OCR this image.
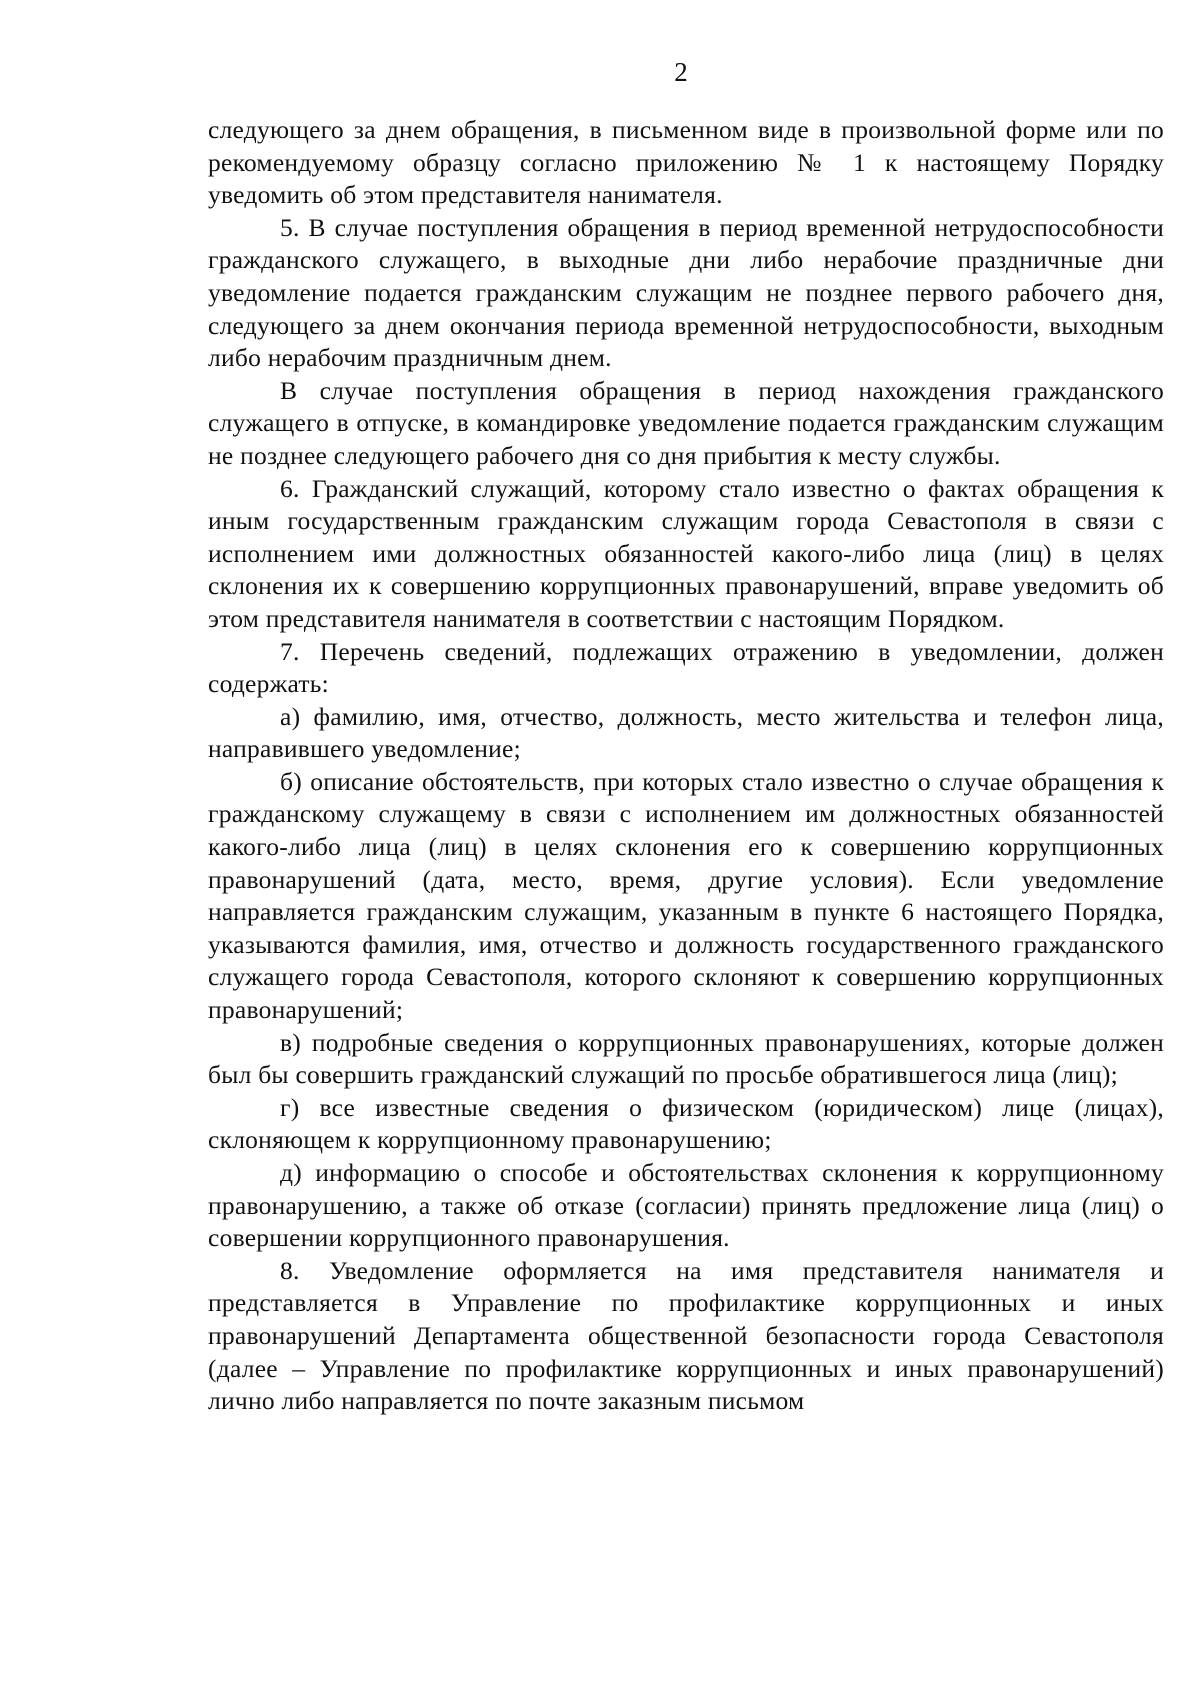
2

следующего за днем обращения, в письменном виде в произвольной форме или по рекомендуемому образцу согласно приложению № 1 к настоящему Порядку уведомить об этом представителя нанимателя.

5. В случае поступления обращения в период временной нетрудоспособности гражданского служащего, в выходные дни либо нерабочие праздничные дни уведомление подается гражданским служащим не позднее первого рабочего дня, следующего за днем окончания периода временной нетрудоспособности, выходным либо нерабочим праздничным днем.

В случае поступления обращения в период нахождения гражданского служащего в отпуске, в командировке уведомление подается гражданским служащим не позднее следующего рабочего дня со дня прибытия к месту службы.

6. Гражданский служащий, которому стало известно о фактах обращения к иным государственным гражданским служащим города Севастополя в связи с исполнением ими должностных обязанностей какого-либо лица (лиц) в целях склонения их к совершению коррупционных правонарушений, вправе уведомить об этом представителя нанимателя в соответствии с настоящим Порядком.

7. Перечень сведений, подлежащих отражению в уведомлении, должен содержать:

а) фамилию, имя, отчество, должность, место жительства и телефон лица, направившего уведомление;

б) описание обстоятельств, при которых стало известно о случае обращения к гражданскому служащему в связи с исполнением им должностных обязанностей какого-либо лица (лиц) в целях склонения его к совершению коррупционных правонарушений (дата, место, время, другие условия). Если уведомление направляется гражданским служащим, указанным в пункте 6 настоящего Порядка, указываются фамилия, имя, отчество и должность государственного гражданского служащего города Севастополя, которого склоняют к совершению коррупционных правонарушений;

в) подробные сведения о коррупционных правонарушениях, которые должен был бы совершить гражданский служащий по просьбе обратившегося лица (лиц);

г) все известные сведения о физическом (юридическом) лице (лицах), склоняющем к коррупционному правонарушению;

д) информацию о способе и обстоятельствах склонения к коррупционному правонарушению, а также об отказе (согласии) принять предложение лица (лиц) о совершении коррупционного правонарушения.

8. Уведомление оформляется на имя представителя нанимателя и представляется в Управление по профилактике коррупционных и иных правонарушений Департамента общественной безопасности города Севастополя (далее – Управление по профилактике коррупционных и иных правонарушений) лично либо направляется по почте заказным письмом
